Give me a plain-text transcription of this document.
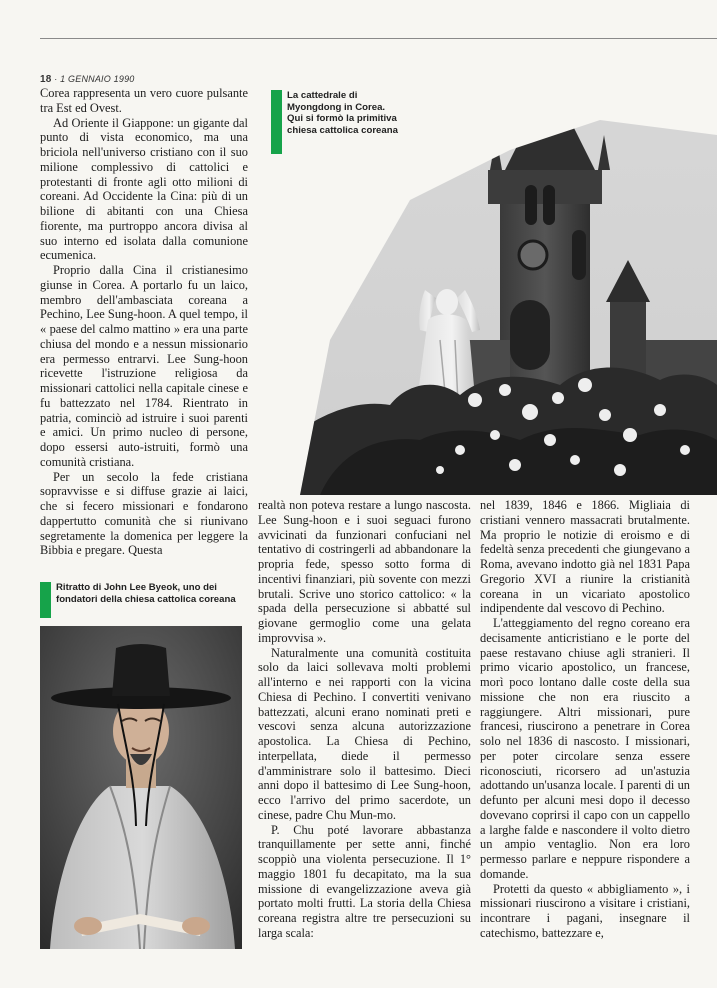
18 · 1 GENNAIO 1990
La cattedrale di Myongdong in Corea. Qui si formò la primitiva chiesa cattolica coreana

Corea rappresenta un vero cuore pulsante tra Est ed Ovest.

Ad Oriente il Giappone: un gigante dal punto di vista economico, ma una briciola nell'universo cristiano con il suo milione complessivo di cattolici e protestanti di fronte agli otto milioni di coreani. Ad Occidente la Cina: più di un bilione di abitanti con una Chiesa fiorente, ma purtroppo ancora divisa al suo interno ed isolata dalla comunione ecumenica.

Proprio dalla Cina il cristianesimo giunse in Corea. A portarlo fu un laico, membro dell'ambasciata coreana a Pechino, Lee Sung-hoon. A quel tempo, il « paese del calmo mattino » era una parte chiusa del mondo e a nessun missionario era permesso entrarvi. Lee Sung-hoon ricevette l'istruzione religiosa da missionari cattolici nella capitale cinese e fu battezzato nel 1784. Rientrato in patria, cominciò ad istruire i suoi parenti e amici. Un primo nucleo di persone, dopo essersi auto-istruiti, formò una comunità cristiana.

Per un secolo la fede cristiana sopravvisse e si diffuse grazie ai laici, che si fecero missionari e fondarono dappertutto comunità che si riunivano segretamente la domenica per leggere la Bibbia e pregare. Questa

Ritratto di John Lee Byeok, uno dei fondatori della chiesa cattolica coreana

realtà non poteva restare a lungo nascosta. Lee Sung-hoon e i suoi seguaci furono avvicinati da funzionari confuciani nel tentativo di costringerli ad abbandonare la propria fede, spesso sotto forma di incentivi finanziari, più sovente con mezzi brutali. Scrive uno storico cattolico: « la spada della persecuzione si abbatté sul giovane germoglio come una gelata improvvisa ».

Naturalmente una comunità costituita solo da laici sollevava molti problemi all'interno e nei rapporti con la vicina Chiesa di Pechino. I convertiti venivano battezzati, alcuni erano nominati preti e vescovi senza alcuna autorizzazione apostolica. La Chiesa di Pechino, interpellata, diede il permesso d'amministrare solo il battesimo. Dieci anni dopo il battesimo di Lee Sung-hoon, ecco l'arrivo del primo sacerdote, un cinese, padre Chu Mun-mo.

P. Chu poté lavorare abbastanza tranquillamente per sette anni, finché scoppiò una violenta persecuzione. Il 1° maggio 1801 fu decapitato, ma la sua missione di evangelizzazione aveva già portato molti frutti. La storia della Chiesa coreana registra altre tre persecuzioni su larga scala:

nel 1839, 1846 e 1866. Migliaia di cristiani vennero massacrati brutalmente. Ma proprio le notizie di eroismo e di fedeltà senza precedenti che giungevano a Roma, avevano indotto già nel 1831 Papa Gregorio XVI a riunire la cristianità coreana in un vicariato apostolico indipendente dal vescovo di Pechino.

L'atteggiamento del regno coreano era decisamente anticristiano e le porte del paese restavano chiuse agli stranieri. Il primo vicario apostolico, un francese, morì poco lontano dalle coste della sua missione che non era riuscito a raggiungere. Altri missionari, pure francesi, riuscirono a penetrare in Corea solo nel 1836 di nascosto. I missionari, per poter circolare senza essere riconosciuti, ricorsero ad un'astuzia adottando un'usanza locale. I parenti di un defunto per alcuni mesi dopo il decesso dovevano coprirsi il capo con un cappello a larghe falde e nascondere il volto dietro un ampio ventaglio. Non era loro permesso parlare e neppure rispondere a domande.

Protetti da questo « abbigliamento », i missionari riuscirono a visitare i cristiani, incontrare i pagani, insegnare il catechismo, battezzare e,
